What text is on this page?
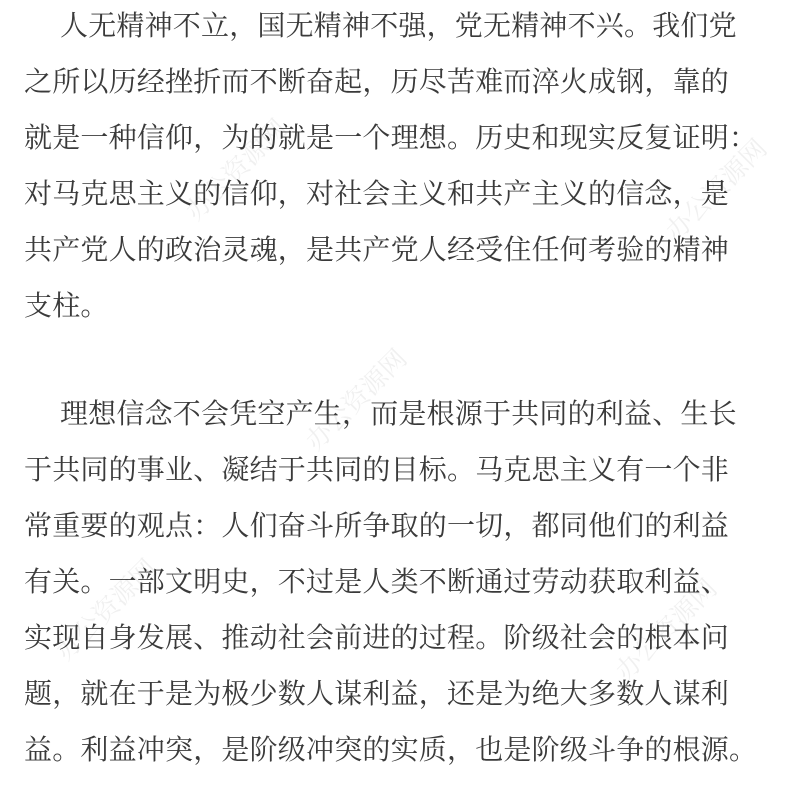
人无精神不立，国无精神不强，党无精神不兴。我们党
之所以历经挫折而不断奋起，历尽苦难而淬火成钢，靠的
就是一种信仰，为的就是一个理想。历史和现实反复证明：
对马克思主义的信仰，对社会主义和共产主义的信念，是
共产党人的政治灵魂，是共产党人经受住任何考验的精神
支柱。
理想信念不会凭空产生，而是根源于共同的利益、生长
于共同的事业、凝结于共同的目标。马克思主义有一个非
常重要的观点：人们奋斗所争取的一切，都同他们的利益
有关。一部文明史，不过是人类不断通过劳动获取利益、
实现自身发展、推动社会前进的过程。阶级社会的根本问
题，就在于是为极少数人谋利益，还是为绝大多数人谋利
益。利益冲突，是阶级冲突的实质，也是阶级斗争的根源。
办公资源网	办公资源网
办公资源网
办公资源网	办公资源网
